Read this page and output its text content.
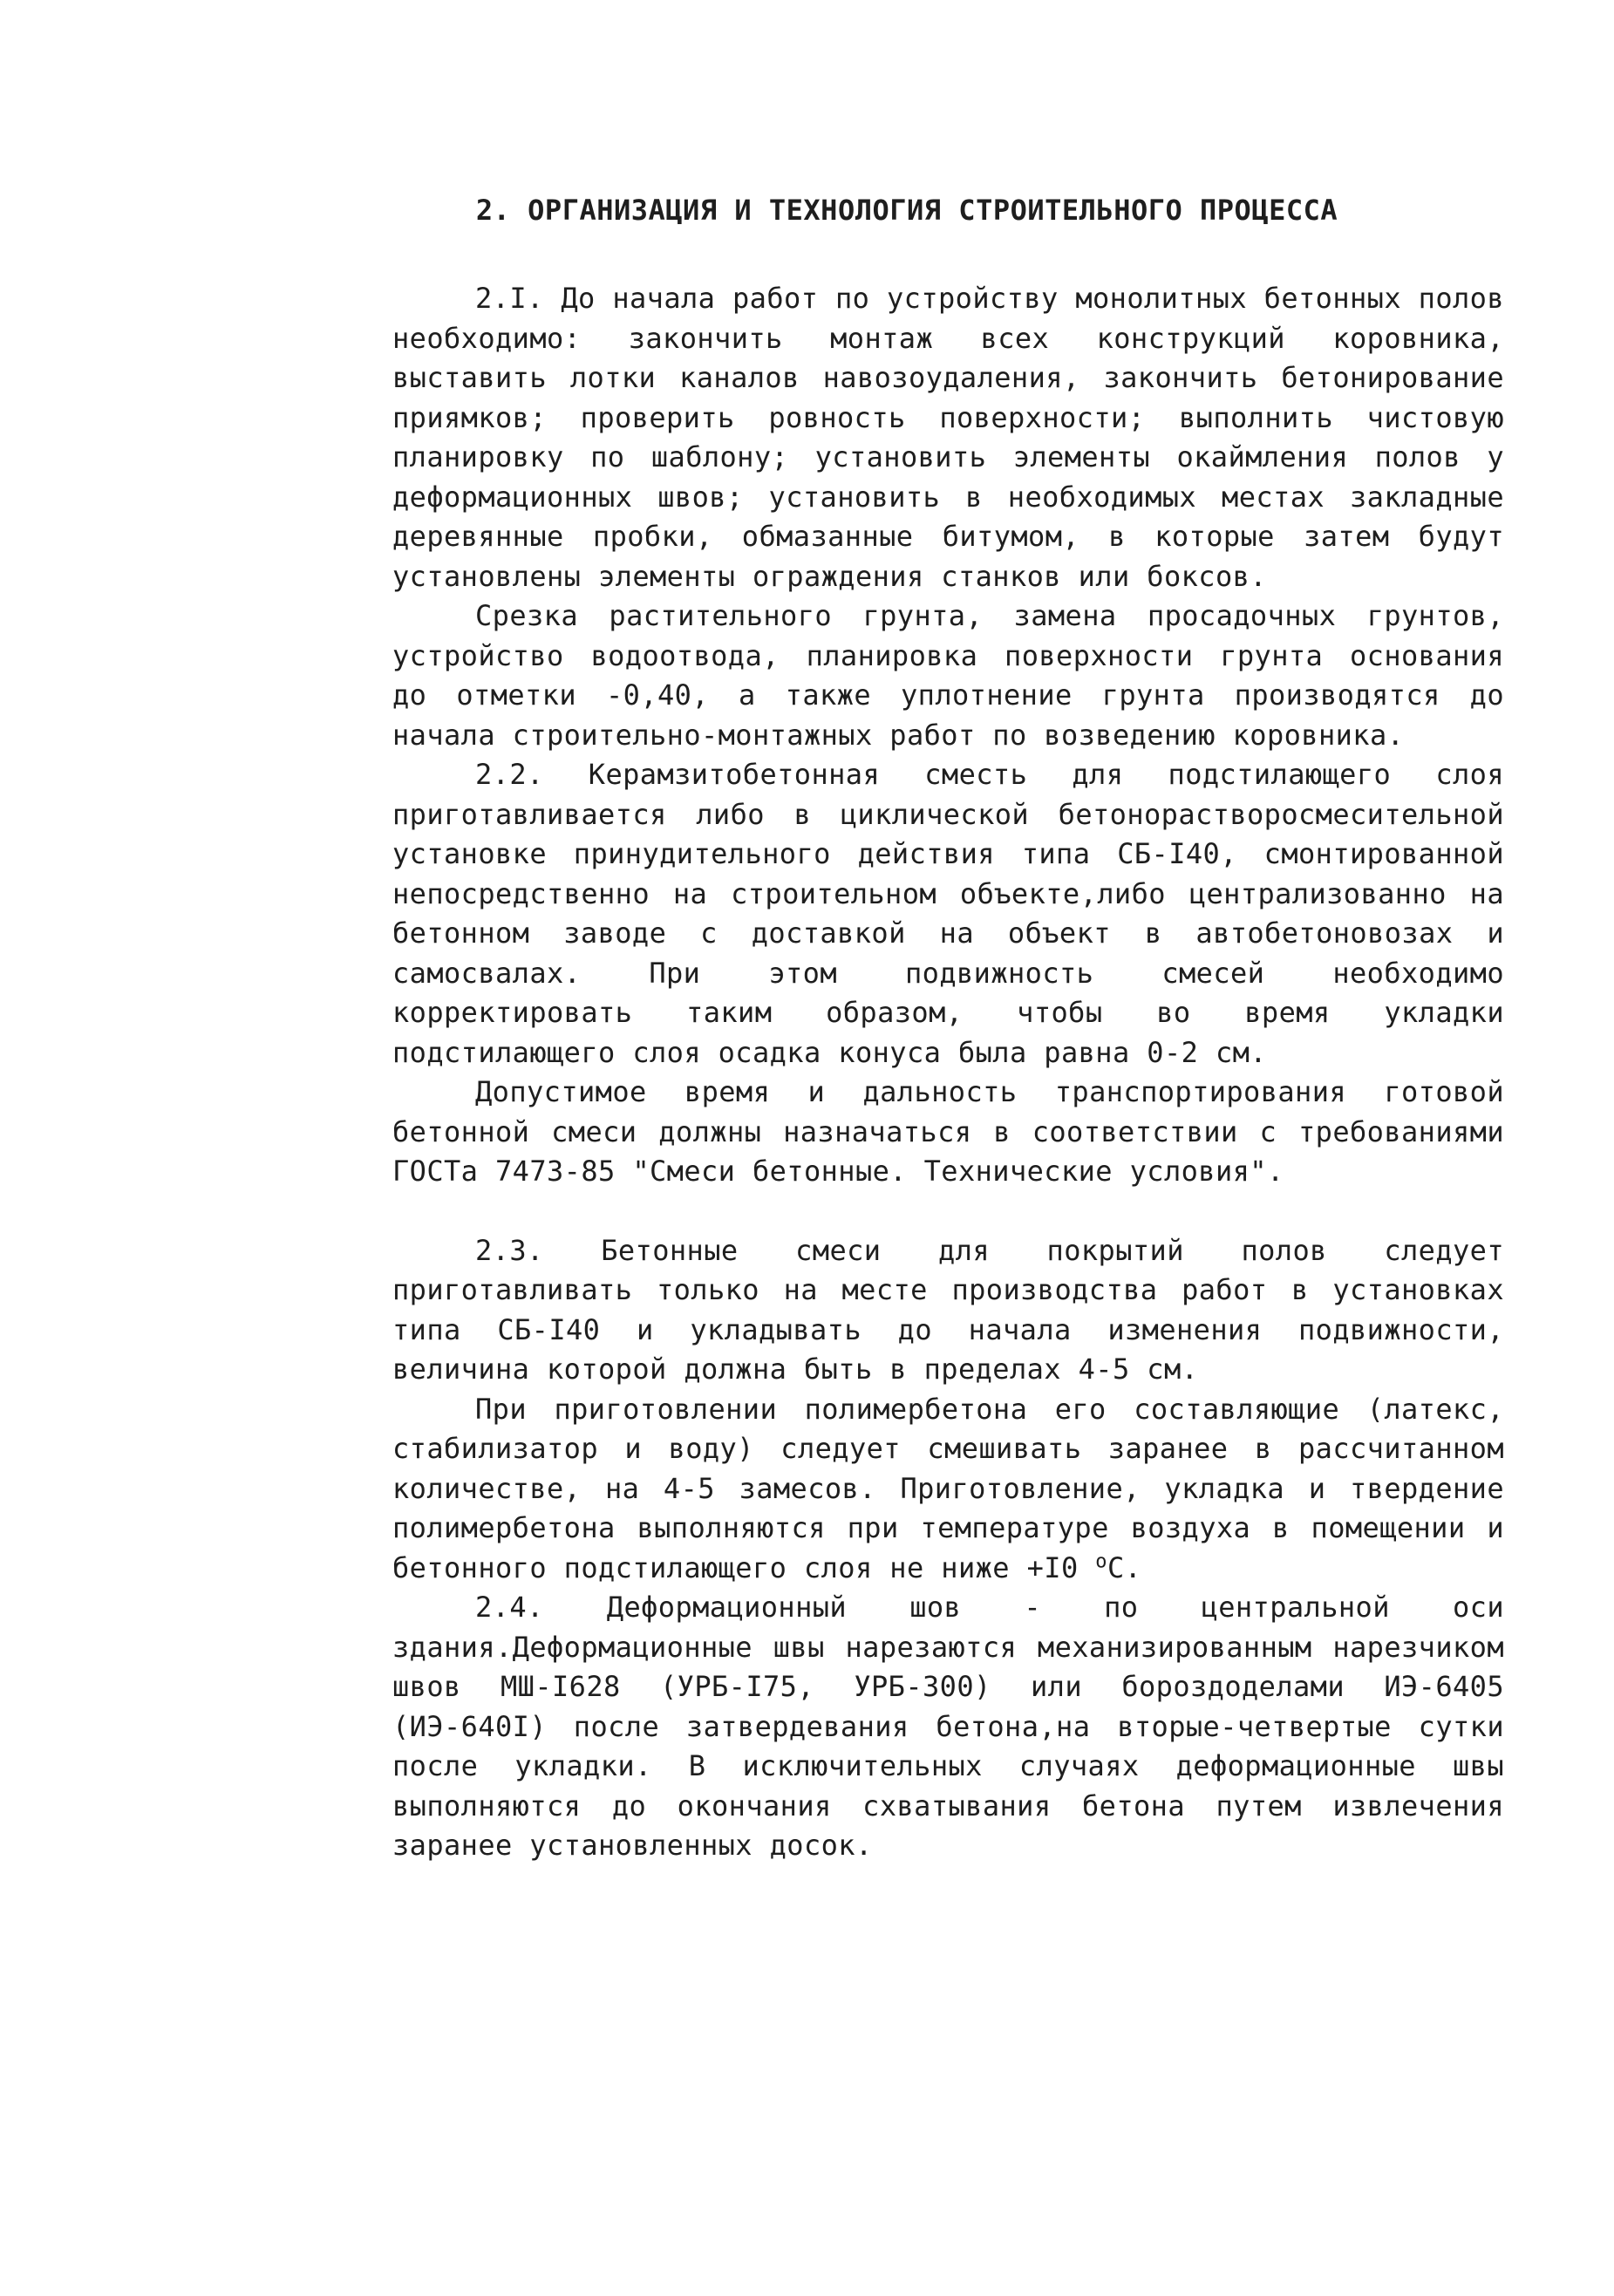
2. ОРГАНИЗАЦИЯ И ТЕХНОЛОГИЯ СТРОИТЕЛЬНОГО ПРОЦЕССА

2.I. До начала работ по устройству монолитных бетонных полов необходимо: закончить монтаж всех конструкций коровника, выставить лотки каналов навозоудаления, закончить бетонирование приямков; проверить ровность поверхности; выполнить чистовую планировку по шаблону; установить элементы окаймления полов у деформационных швов; установить в необходимых местах закладные деревянные пробки, обмазанные битумом, в которые затем будут установлены элементы ограждения станков или боксов.

Срезка растительного грунта, замена просадочных грунтов, устройство водоотвода, планировка поверхности грунта основания до отметки -0,40, а также уплотнение грунта производятся до начала строительно-монтажных работ по возведению коровника.

2.2. Керамзитобетонная сместь для подстилающего слоя приготавливается либо в циклической бетонорастворосмесительной установке принудительного действия типа СБ-I40, смонтированной непосредственно на строительном объекте,либо централизованно на бетонном заводе с доставкой на объект в автобетоновозах и самосвалах. При этом подвижность смесей необходимо корректировать таким образом, чтобы во время укладки подстилающего слоя осадка конуса была равна 0-2 см.

Допустимое время и дальность транспортирования готовой бетонной смеси должны назначаться в соответствии с требованиями ГОСТа 7473-85 "Смеси бетонные. Технические условия".

2.3. Бетонные смеси для покрытий полов следует приготавливать только на месте производства работ в установках типа СБ-I40 и укладывать до начала изменения подвижности, величина которой должна быть в пределах 4-5 см.

При приготовлении полимербетона его составляющие (латекс, стабилизатор и воду) следует смешивать заранее в рассчитанном количестве, на 4-5 замесов. Приготовление, укладка и твердение полимербетона выполняются при температуре воздуха в помещении и бетонного подстилающего слоя не ниже +I0 $^о$С.

2.4. Деформационный шов - по центральной оси здания.Деформационные швы нарезаются механизированным нарезчиком швов МШ-I628 (УРБ-I75, УРБ-300) или бороздоделами ИЭ-6405 (ИЭ-640I) после затвердевания бетона,на вторые-четвертые сутки после укладки. В исключительных случаях деформационные швы выполняются до окончания схватывания бетона путем извлечения заранее установленных досок.
